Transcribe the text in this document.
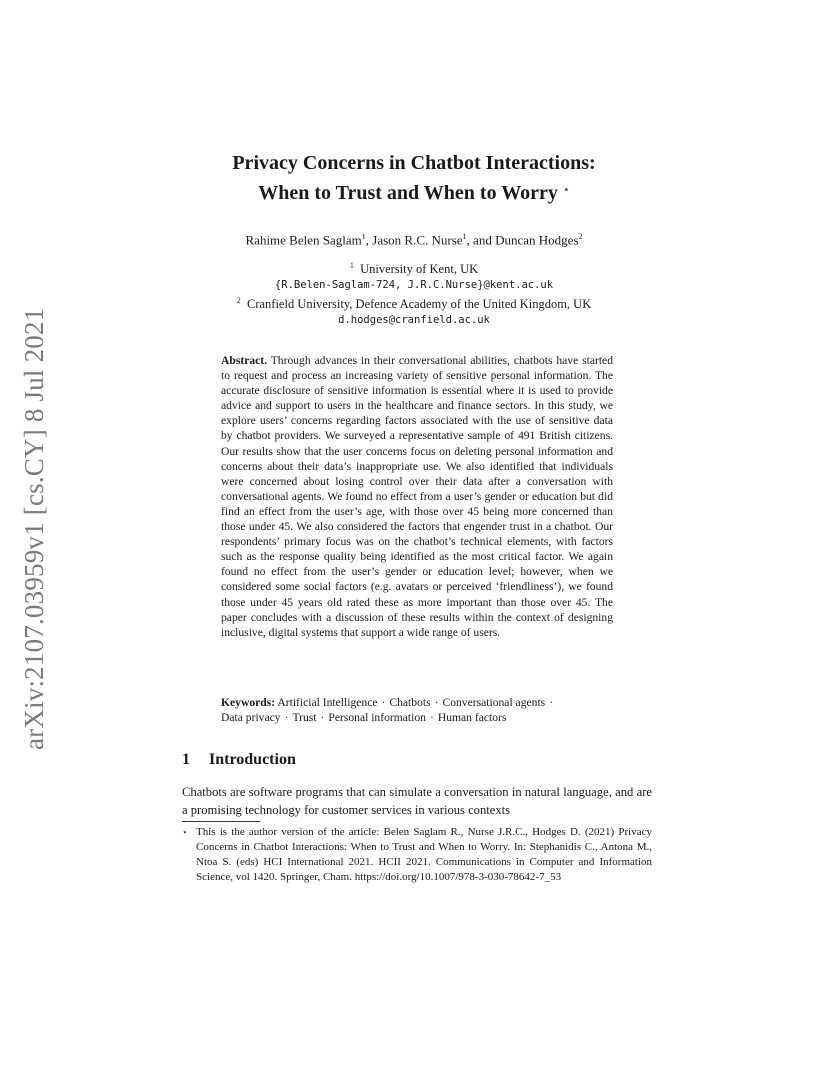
arXiv:2107.03959v1 [cs.CY] 8 Jul 2021
Privacy Concerns in Chatbot Interactions:
When to Trust and When to Worry ⋆
Rahime Belen Saglam$^1$, Jason R.C. Nurse$^1$, and Duncan Hodges$^2$
$^1$ University of Kent, UK
{R.Belen-Saglam-724, J.R.C.Nurse}@kent.ac.uk
$^2$ Cranfield University, Defence Academy of the United Kingdom, UK
d.hodges@cranfield.ac.uk
Abstract. Through advances in their conversational abilities, chatbots have started to request and process an increasing variety of sensitive personal information. The accurate disclosure of sensitive information is essential where it is used to provide advice and support to users in the healthcare and finance sectors. In this study, we explore users’ concerns regarding factors associated with the use of sensitive data by chatbot providers. We surveyed a representative sample of 491 British citizens. Our results show that the user concerns focus on deleting personal information and concerns about their data’s inappropriate use. We also identified that individuals were concerned about losing control over their data after a conversation with conversational agents. We found no effect from a user’s gender or education but did find an effect from the user’s age, with those over 45 being more concerned than those under 45. We also considered the factors that engender trust in a chatbot. Our respondents’ primary focus was on the chatbot’s technical elements, with factors such as the response quality being identified as the most critical factor. We again found no effect from the user’s gender or education level; however, when we considered some social factors (e.g. avatars or perceived ‘friendliness’), we found those under 45 years old rated these as more important than those over 45. The paper concludes with a discussion of these results within the context of designing inclusive, digital systems that support a wide range of users.
Keywords: Artificial Intelligence · Chatbots · Conversational agents ·
Data privacy · Trust · Personal information · Human factors
1 Introduction
Chatbots are software programs that can simulate a conversation in natural language, and are a promising technology for customer services in various contexts
⋆ This is the author version of the article: Belen Saglam R., Nurse J.R.C., Hodges D. (2021) Privacy Concerns in Chatbot Interactions: When to Trust and When to Worry. In: Stephanidis C., Antona M., Ntoa S. (eds) HCI International 2021. HCII 2021. Communications in Computer and Information Science, vol 1420. Springer, Cham. https://doi.org/10.1007/978-3-030-78642-7_53
